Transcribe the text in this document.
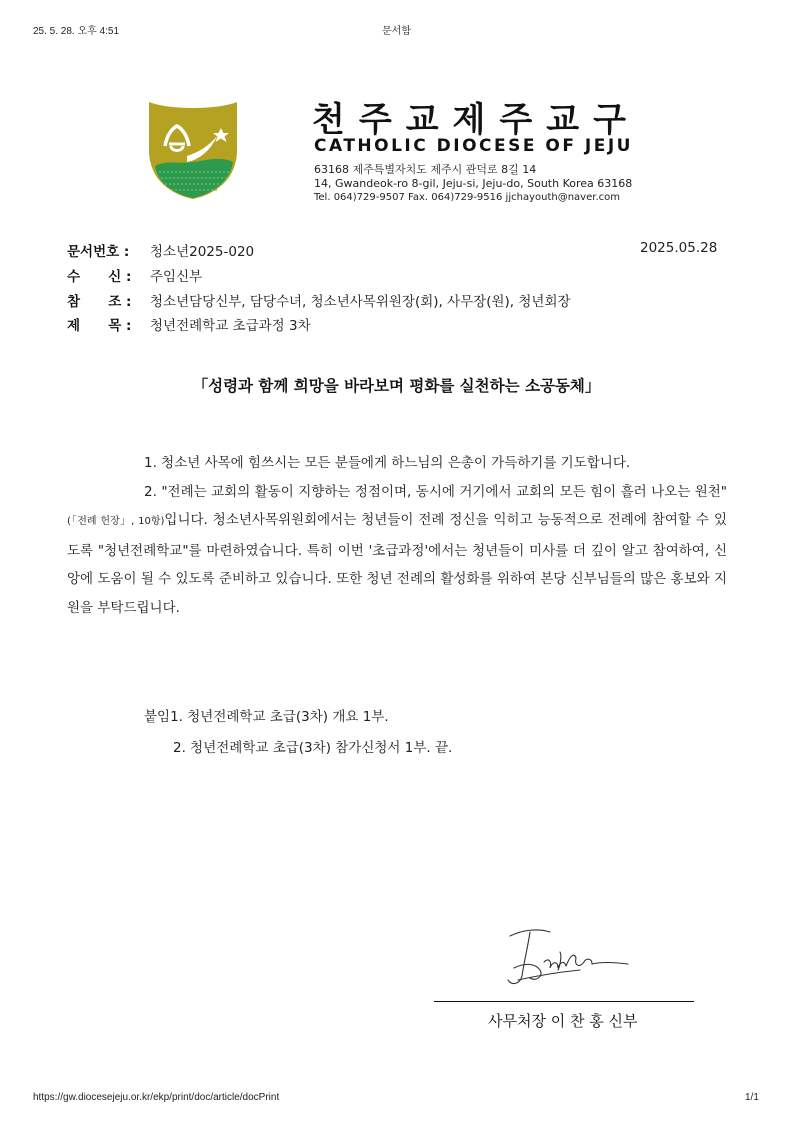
25. 5. 28. 오후 4:51	문서함
천주교제주교구
CATHOLIC DIOCESE OF JEJU
63168 제주특별자치도 제주시 관덕로 8길 14
14, Gwandeok-ro 8-gil, Jeju-si, Jeju-do, South Korea 63168
Tel. 064)729-9507 Fax. 064)729-9516 jjchayouth@naver.com
문서번호 : 청소년2025-020	2025.05.28
수      신 : 주임신부
참      조 : 청소년담당신부, 담당수녀, 청소년사목위원장(회), 사무장(원), 청년회장
제      목 : 청년전례학교 초급과정 3차
「성령과 함께 희망을 바라보며 평화를 실천하는 소공동체」

1. 청소년 사목에 힘쓰시는 모든 분들에게 하느님의 은총이 가득하기를 기도합니다.

2. "전례는 교회의 활동이 지향하는 정점이며, 동시에 거기에서 교회의 모든 힘이 흘러 나오는 원천"(「전례 헌장」, 10항)입니다. 청소년사목위원회에서는 청년들이 전례 정신을 익히고 능동적으로 전례에 참여할 수 있도록 "청년전례학교"를 마련하였습니다. 특히 이번 '초급과정'에서는 청년들이 미사를 더 깊이 알고 참여하여, 신앙에 도움이 될 수 있도록 준비하고 있습니다. 또한 청년 전례의 활성화를 위하여 본당 신부님들의 많은 홍보와 지원을 부탁드립니다.

붙임1. 청년전례학교 초급(3차) 개요 1부.
2. 청년전례학교 초급(3차) 참가신청서 1부. 끝.
사무처장 이 찬 홍 신부
https://gw.diocesejeju.or.kr/ekp/print/doc/article/docPrint	1/1
